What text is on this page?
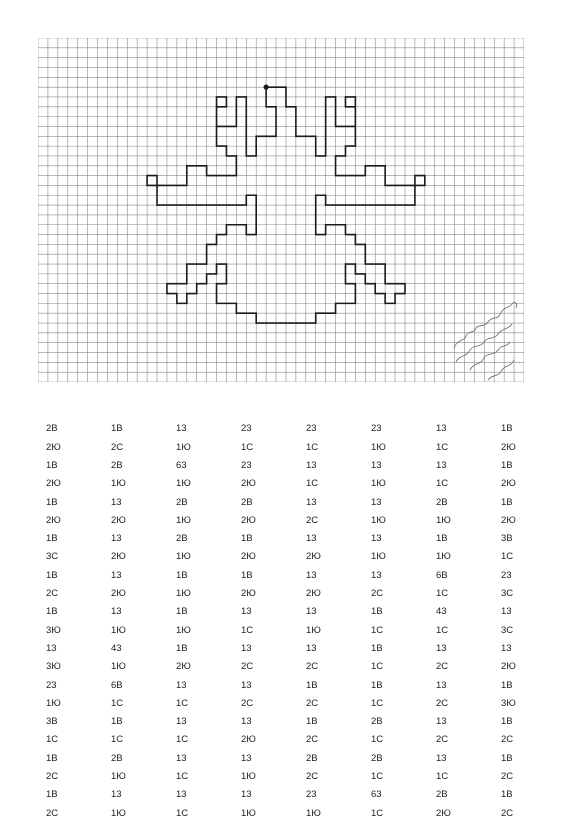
2В	1В	13	23	23	23	13	1В
2Ю	2С	1Ю	1С	1С	1Ю	1С	2Ю
1В	2В	63	23	13	13	13	1В
2Ю	1Ю	1Ю	2Ю	1С	1Ю	1С	2Ю
1В	13	2В	2В	13	13	2В	1В
2Ю	2Ю	1Ю	2Ю	2С	1Ю	1Ю	2Ю
1В	13	2В	1В	13	13	1В	3В
3С	2Ю	1Ю	2Ю	2Ю	1Ю	1Ю	1С
1В	13	1В	1В	13	13	6В	23
2С	2Ю	1Ю	2Ю	2Ю	2С	1С	3С
1В	13	1В	13	13	1В	43	13
3Ю	1Ю	1Ю	1С	1Ю	1С	1С	3С
13	43	1В	13	13	1В	13	13
3Ю	1Ю	2Ю	2С	2С	1С	2С	2Ю
23	6В	13	13	1В	1В	13	1В
1Ю	1С	1С	2С	2С	1С	2С	3Ю
3В	1В	13	13	1В	2В	13	1В
1С	1С	1С	2Ю	2С	1С	2С	2С
1В	2В	13	13	2В	2В	13	1В
2С	1Ю	1С	1Ю	2С	1С	1С	2С
1В	13	13	13	23	63	2В	1В
2С	1Ю	1С	1Ю	1Ю	1С	2Ю	2С
